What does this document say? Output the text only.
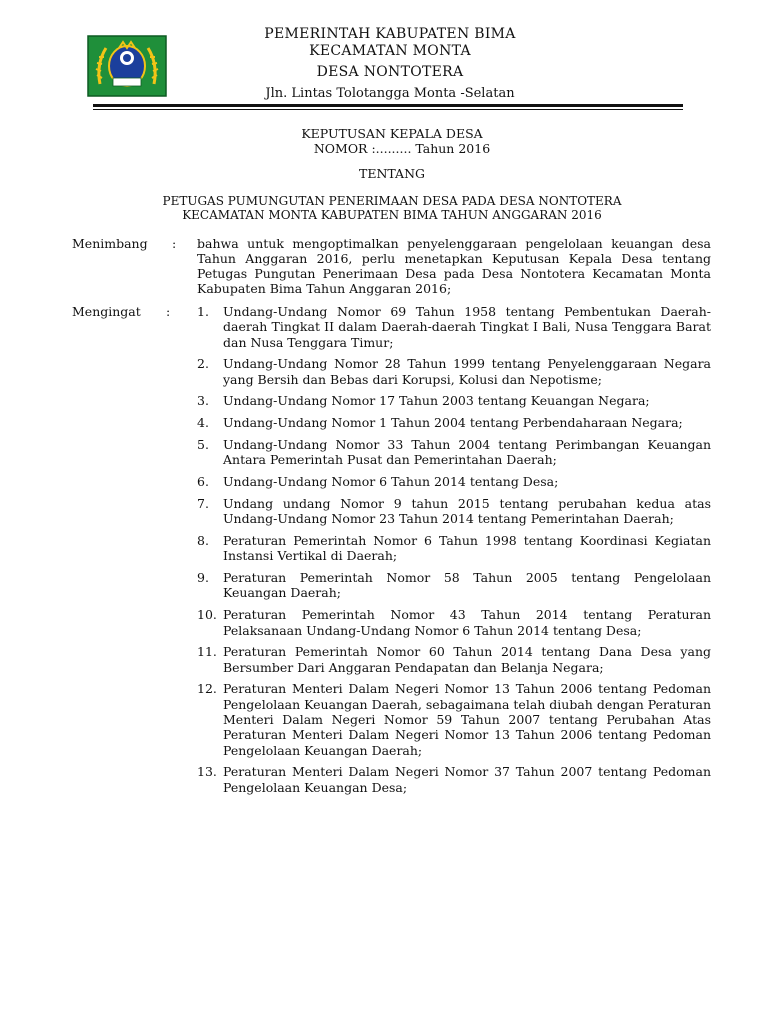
PEMERINTAH KABUPATEN BIMA
KECAMATAN MONTA
DESA NONTOTERA
Jln. Lintas Tolotangga Monta -Selatan
KEPUTUSAN KEPALA DESA
NOMOR :......... Tahun 2016
TENTANG
PETUGAS PUMUNGUTAN PENERIMAAN DESA PADA DESA NONTOTERA
KECAMATAN MONTA KABUPATEN BIMA TAHUN ANGGARAN 2016
Menimbang : bahwa untuk mengoptimalkan penyelenggaraan pengelolaan keuangan desa Tahun Anggaran 2016, perlu menetapkan Keputusan Kepala Desa tentang Petugas Pungutan Penerimaan Desa pada Desa Nontotera Kecamatan Monta Kabupaten Bima Tahun Anggaran 2016;
Mengingat : 1.	Undang-Undang Nomor 69 Tahun 1958 tentang Pembentukan Daerah-daerah Tingkat II dalam Daerah-daerah Tingkat I Bali, Nusa Tenggara Barat dan Nusa Tenggara Timur;
2.	Undang-Undang Nomor 28 Tahun 1999 tentang Penyelenggaraan Negara yang Bersih dan Bebas dari Korupsi, Kolusi dan Nepotisme;
3.	Undang-Undang Nomor 17 Tahun 2003 tentang Keuangan Negara;
4.	Undang-Undang Nomor 1 Tahun 2004 tentang Perbendaharaan Negara;
5.	Undang-Undang Nomor 33 Tahun 2004 tentang Perimbangan Keuangan Antara Pemerintah Pusat dan Pemerintahan Daerah;
6.	Undang-Undang Nomor 6 Tahun 2014 tentang Desa;
7.	Undang undang Nomor 9 tahun 2015 tentang perubahan kedua atas Undang-Undang Nomor 23 Tahun 2014 tentang Pemerintahan Daerah;
8.	Peraturan Pemerintah Nomor 6 Tahun 1998 tentang Koordinasi Kegiatan Instansi Vertikal di Daerah;
9.	Peraturan Pemerintah Nomor 58 Tahun 2005 tentang Pengelolaan Keuangan Daerah;
10. Peraturan Pemerintah Nomor 43 Tahun 2014 tentang Peraturan Pelaksanaan Undang-Undang Nomor 6 Tahun 2014 tentang Desa;
11. Peraturan Pemerintah Nomor 60 Tahun 2014 tentang Dana Desa yang Bersumber Dari Anggaran Pendapatan dan Belanja Negara;
12. Peraturan Menteri Dalam Negeri Nomor 13 Tahun 2006 tentang Pedoman Pengelolaan Keuangan Daerah, sebagaimana telah diubah dengan Peraturan Menteri Dalam Negeri Nomor 59 Tahun 2007 tentang Perubahan Atas Peraturan Menteri Dalam Negeri Nomor 13 Tahun 2006 tentang Pedoman Pengelolaan Keuangan Daerah;
13. Peraturan Menteri Dalam Negeri Nomor 37 Tahun 2007 tentang Pedoman Pengelolaan Keuangan Desa;
